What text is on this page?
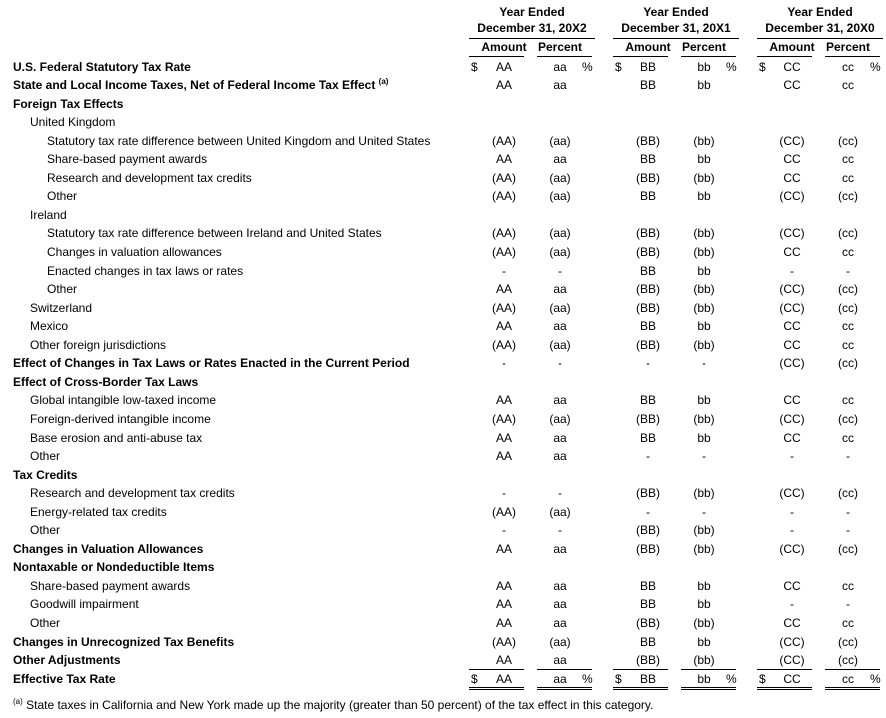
Year Ended
December 31, 20X2
Amount Percent
Year Ended
December 31, 20X1
Amount Percent
Year Ended
December 31, 20X0
Amount Percent
U.S. Federal Statutory Tax Rate	AA	aa	BB	bb	CC	cc
$	% $	% $	%
State and Local Income Taxes, Net of Federal Income Tax Effect $^{(a)}$	AA	aa	BB	bb	CC	cc
Foreign Tax Effects
United Kingdom
Statutory tax rate difference between United Kingdom and United States	(AA)	(aa)	(BB)	(bb)	(CC)	(cc)
Share-based payment awards	AA	aa	BB	bb	CC	cc
Research and development tax credits	(AA)	(aa)	(BB)	(bb)	CC	cc
Other	(AA)	(aa)	BB	bb	(CC)	(cc)
Ireland
Statutory tax rate difference between Ireland and United States	(AA)	(aa)	(BB)	(bb)	(CC)	(cc)
Changes in valuation allowances	(AA)	(aa)	(BB)	(bb)	CC	cc
Enacted changes in tax laws or rates	-	-	BB	bb	-	-
Other	AA	aa	(BB)	(bb)	(CC)	(cc)
Switzerland	(AA)	(aa)	(BB)	(bb)	(CC)	(cc)
Mexico	AA	aa	BB	bb	CC	cc
Other foreign jurisdictions	(AA)	(aa)	(BB)	(bb)	CC	cc
Effect of Changes in Tax Laws or Rates Enacted in the Current Period	-	-	-	-	(CC)	(cc)
Effect of Cross-Border Tax Laws
Global intangible low-taxed income	AA	aa	BB	bb	CC	cc
Foreign-derived intangible income	(AA)	(aa)	(BB)	(bb)	(CC)	(cc)
Base erosion and anti-abuse tax	AA	aa	BB	bb	CC	cc
Other	AA	aa	-	-	-	-
Tax Credits
Research and development tax credits	-	-	(BB)	(bb)	(CC)	(cc)
Energy-related tax credits	(AA)	(aa)	-	-	-	-
Other	-	-	(BB)	(bb)	-	-
Changes in Valuation Allowances	AA	aa	(BB)	(bb)	(CC)	(cc)
Nontaxable or Nondeductible Items
Share-based payment awards	AA	aa	BB	bb	CC	cc
Goodwill impairment	AA	aa	BB	bb	-	-
Other	AA	aa	(BB)	(bb)	CC	cc
Changes in Unrecognized Tax Benefits	(AA)	(aa)	BB	bb	(CC)	(cc)
Other Adjustments	AA	aa	(BB)	(bb)	(CC)	(cc)
Effective Tax Rate	AA	aa	BB	bb	CC	cc
$	% $	% $	%
$^{(a)}$ State taxes in California and New York made up the majority (greater than 50 percent) of the tax effect in this category.
